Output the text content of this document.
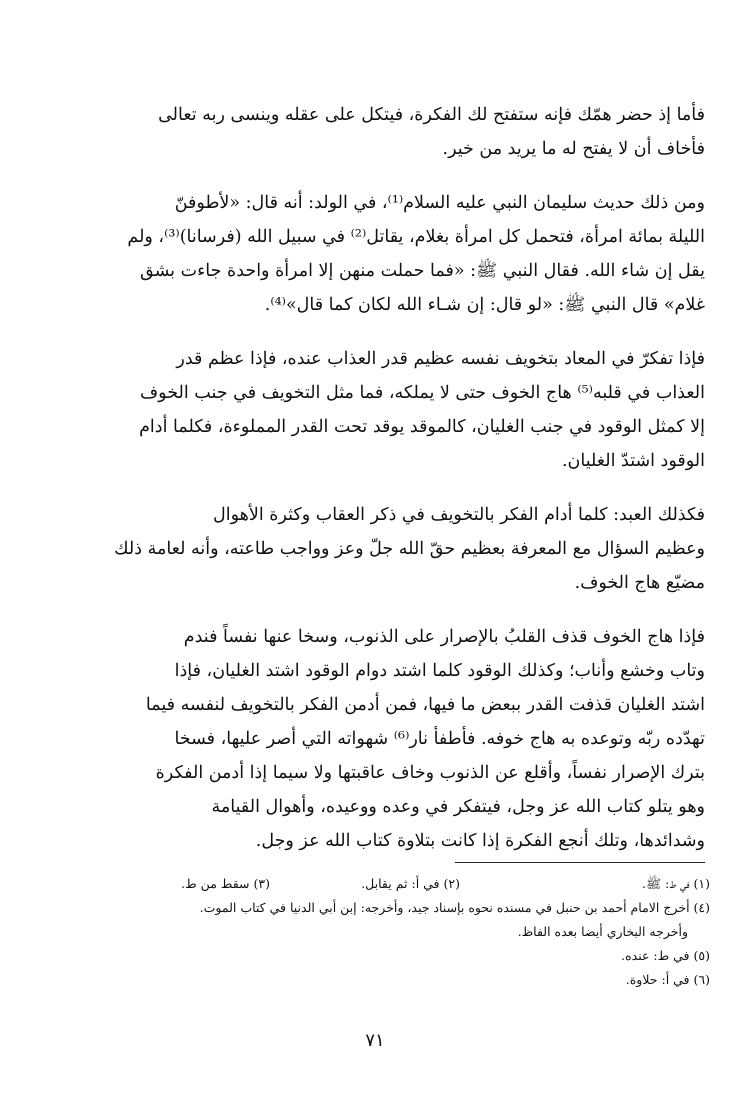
فأما إذ حضر همّك فإنه ستفتح لك الفكرة، فيتكل على عقله وينسى ربه تعالى
فأخاف أن لا يفتح له ما يريد من خير.
ومن ذلك حديث سليمان النبي عليه السلام⁽¹⁾، في الولد: أنه قال: «لأطوفنّ
الليلة بمائة امرأة، فتحمل كل امرأة بغلام، يقاتل⁽²⁾ في سبيل الله (فرسانا)⁽³⁾، ولم
يقل إن شاء الله. فقال النبي ﷺ: «فما حملت منهن إلا امرأة واحدة جاءت بشق
غلام» قال النبي ﷺ: «لو قال: إن شـاء الله لكان كما قال»⁽⁴⁾.
فإذا تفكرّ في المعاد بتخويف نفسه عظيم قدر العذاب عنده، فإذا عظم قدر
العذاب في قلبه⁽⁵⁾ هاج الخوف حتى لا يملكه، فما مثل التخويف في جنب الخوف
إلا كمثل الوقود في جنب الغليان، كالموقد يوقد تحت القدر المملوءة، فكلما أدام
الوقود اشتدّ الغليان.
فكذلك العبد: كلما أدام الفكر بالتخويف في ذكر العقاب وكثرة الأهوال
وعظيم السؤال مع المعرفة بعظيم حقّ الله جلّ وعز وواجب طاعته، وأنه لعامة ذلك
مضيّع هاج الخوف.
فإذا هاج الخوف قذف القلبُ بالإصرار على الذنوب، وسخا عنها نفساً فندم
وتاب وخشع وأناب؛ وكذلك الوقود كلما اشتد دوام الوقود اشتد الغليان، فإذا
اشتد الغليان قذفت القدر ببعض ما فيها، فمن أدمن الفكر بالتخويف لنفسه فيما
تهدّده ربّه وتوعده به هاج خوفه. فأطفأ نار⁽⁶⁾ شهواته التي أصر عليها، فسخا
بترك الإصرار نفساً، وأقلع عن الذنوب وخاف عاقبتها ولا سيما إذا أدمن الفكرة
وهو يتلو كتاب الله عز وجل، فيتفكر في وعده ووعيده، وأهوال القيامة
وشدائدها، وتلك أنجع الفكرة إذا كانت بتلاوة كتاب الله عز وجل.
(١) في ط: ﷺ.
(٢) في أ: ثم يقابل.
(٣) سقط من ط.
(٤) أخرج الامام أحمد بن حنبل في مسنده نحوه بإسناد جيد، وأخرجه: إبن أبي الدنيا في كتاب الموت.
وأخرجه البخاري أيضا بعده الفاظ.
(٥) في ط: عنده.
(٦) في أ: حلاوة.
٧١
